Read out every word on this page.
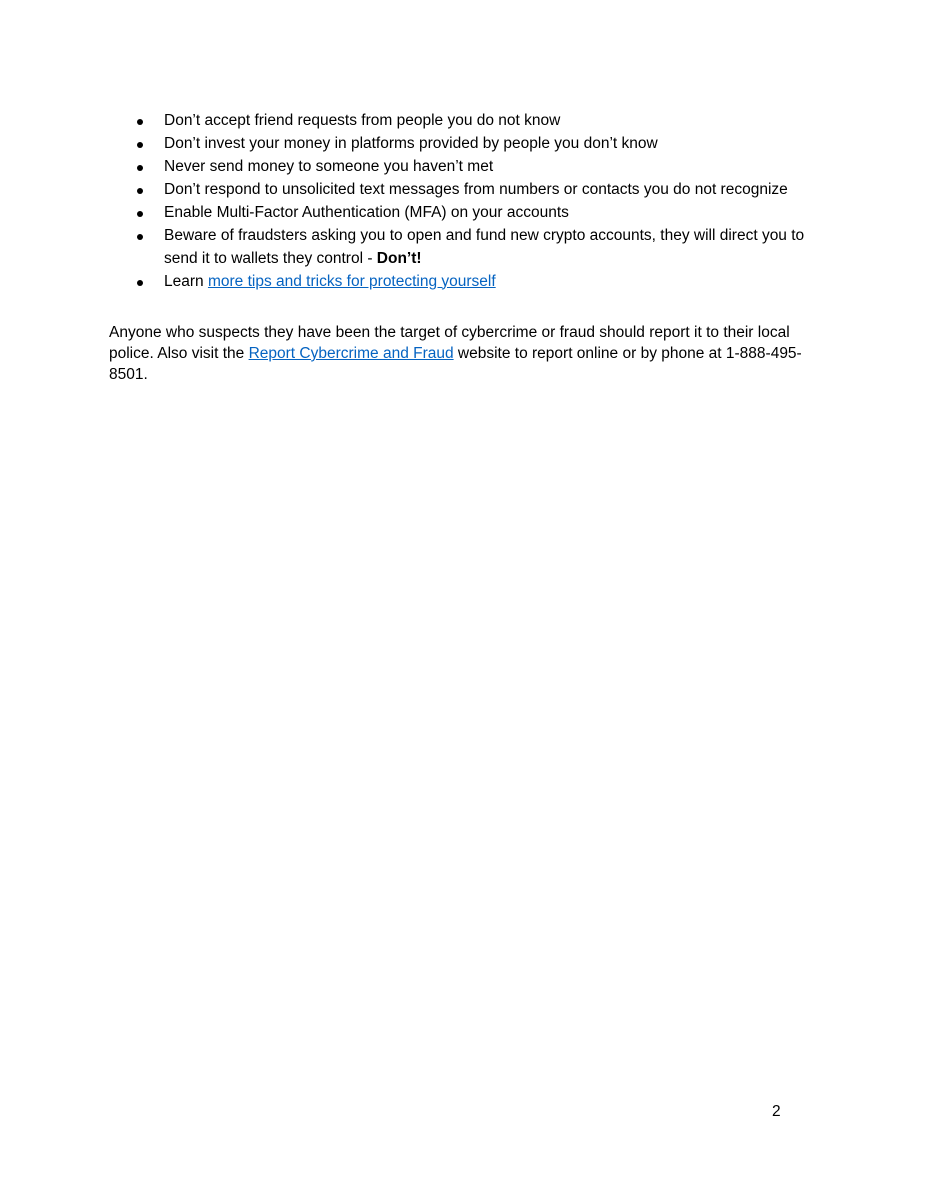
Don’t accept friend requests from people you do not know
Don’t invest your money in platforms provided by people you don’t know
Never send money to someone you haven’t met
Don’t respond to unsolicited text messages from numbers or contacts you do not recognize
Enable Multi-Factor Authentication (MFA) on your accounts
Beware of fraudsters asking you to open and fund new crypto accounts, they will direct you to send it to wallets they control - Don’t!
Learn more tips and tricks for protecting yourself

Anyone who suspects they have been the target of cybercrime or fraud should report it to their local police. Also visit the Report Cybercrime and Fraud website to report online or by phone at 1-888-495-8501.

2
